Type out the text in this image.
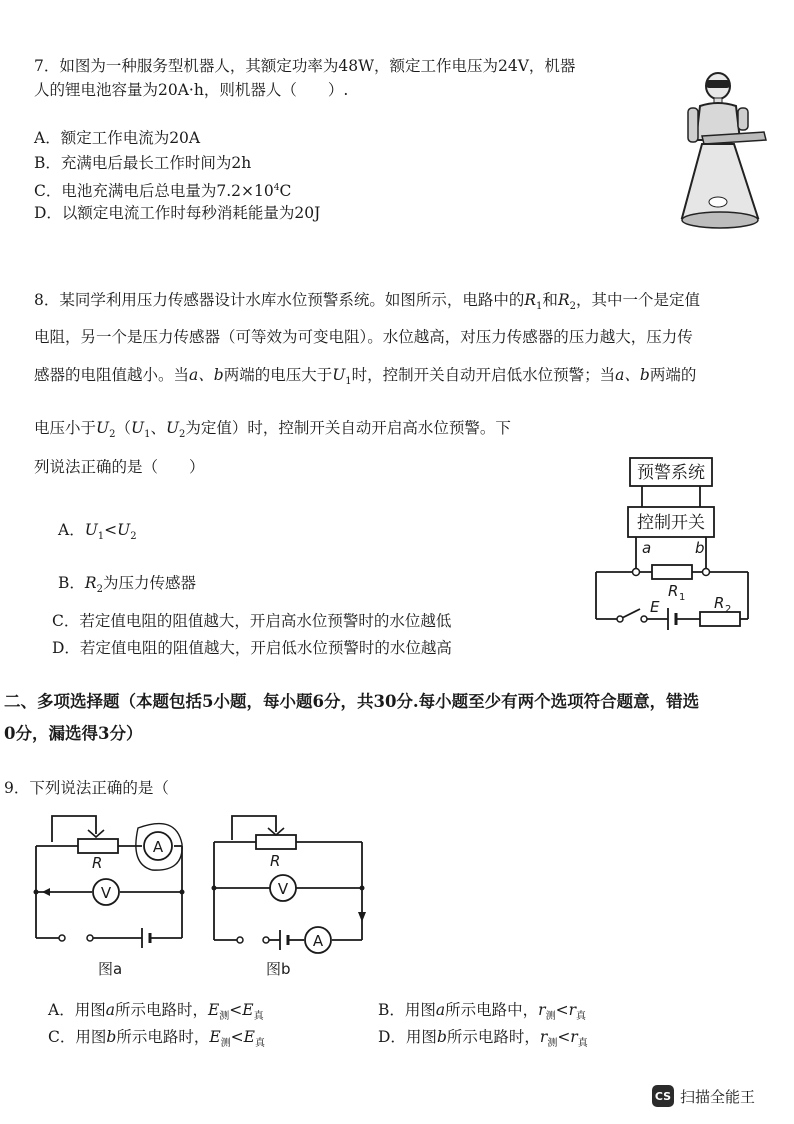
7．如图为一种服务型机器人，其额定功率为48W，额定工作电压为24V，机器
人的锂电池容量为20A·h，则机器人（　　）.
A．额定工作电流为20A
B．充满电后最长工作时间为2h
C．电池充满电后总电量为$7.2\times 10^4C$
D．以额定电流工作时每秒消耗能量为20J
8．某同学利用压力传感器设计水库水位预警系统。如图所示，电路中的$R_1$和$R_2$，其中一个是定值
电阻，另一个是压力传感器（可等效为可变电阻）。水位越高，对压力传感器的压力越大，压力传
感器的电阻值越小。当a、b两端的电压大于$U_1$时，控制开关自动开启低水位预警；当a、b两端的
电压小于$U_2(U_1$、$U_2$为定值）时，控制开关自动开启高水位预警。下
列说法正确的是（　　）
A．$U_1<U_2$
B．$R_2$为压力传感器
C．若定值电阻的阻值越大，开启高水位预警时的水位越低
D．若定值电阻的阻值越大，开启低水位预警时的水位越高
预警系统
控制开关
a	b
R 1 R 2
E
二、多项选择题（本题包括5小题，每小题6分，共30分.每小题至少有两个选项符合题意，错选
0分，漏选得3分）
9．下列说法正确的是（
A
V
R
图a
V
A
R
图b
A．用图a所示电路时，$E_测<E_真$	B．用图a所示电路中，$r_测<r_真$
C．用图b所示电路时，$E_测<E_真$	D．用图b所示电路时，$r_测<r_真$
CS 扫描全能王
